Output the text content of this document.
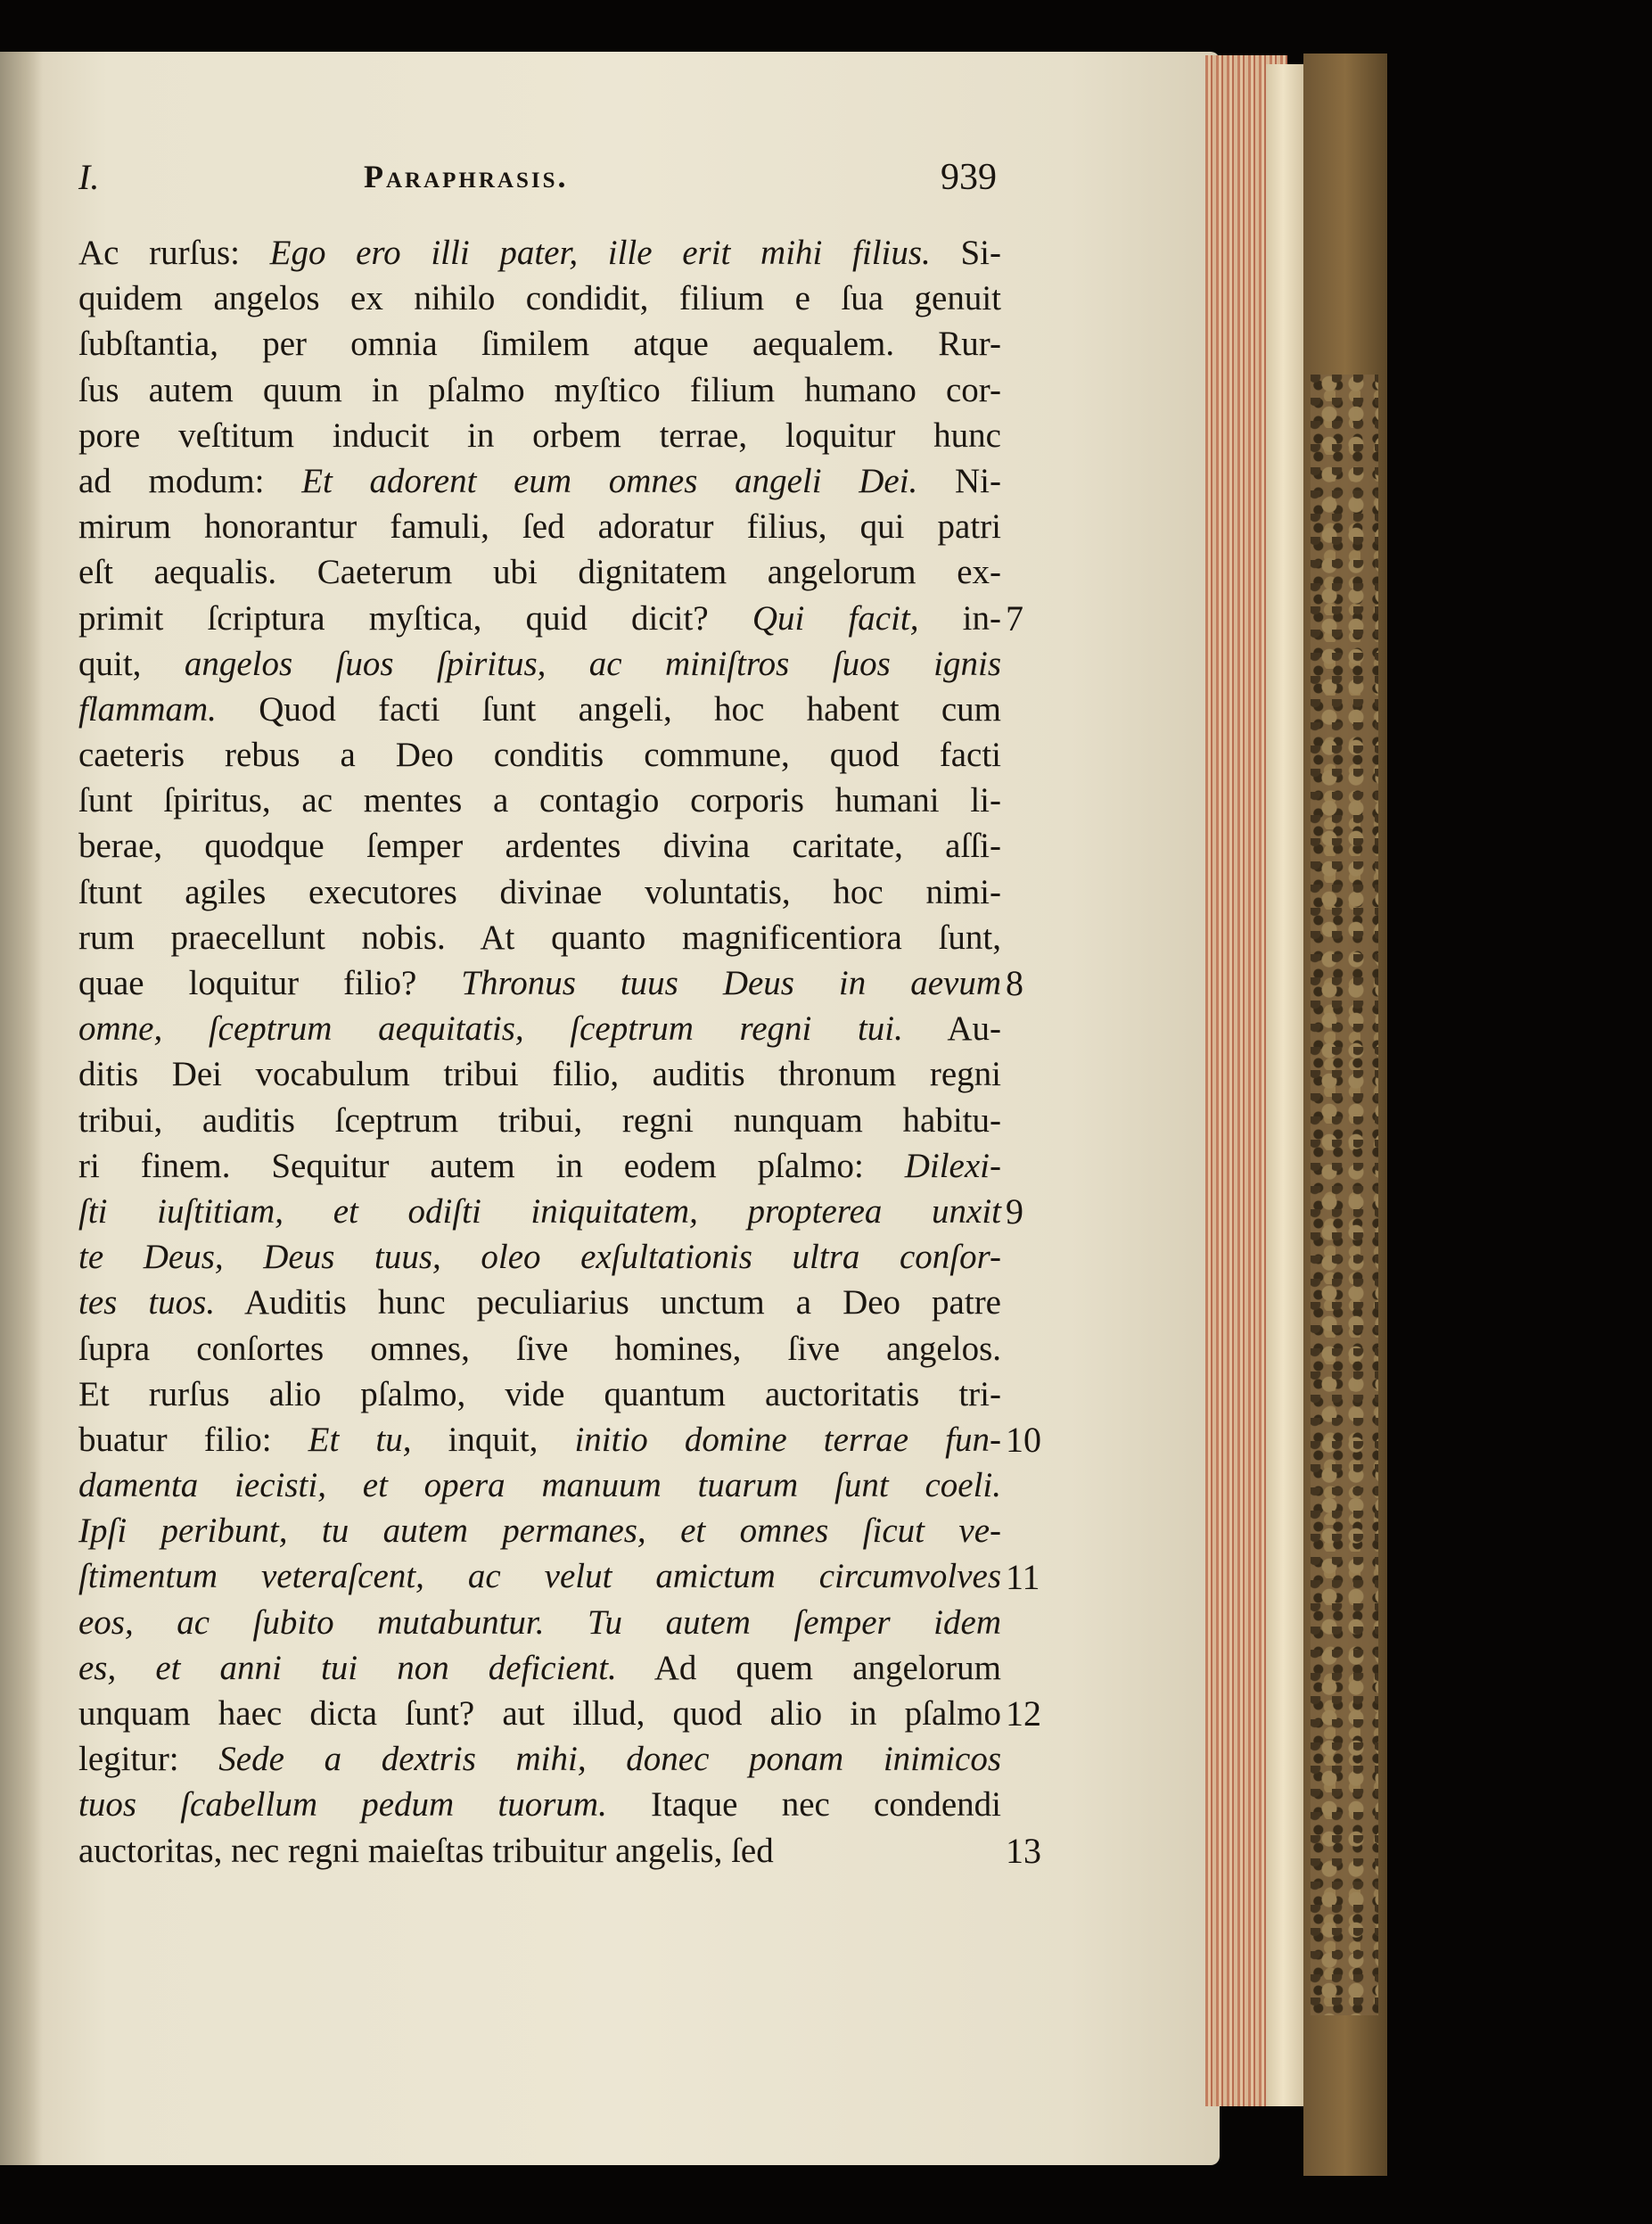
I.	Paraphrasis.	939
Ac rurſus: Ego ero illi pater, ille erit mihi filius. Si-
quidem angelos ex nihilo condidit, filium e ſua genuit
ſubſtantia, per omnia ſimilem atque aequalem. Rur-
ſus autem quum in pſalmo myſtico filium humano cor-
pore veſtitum inducit in orbem terrae, loquitur hunc
ad modum: Et adorent eum omnes angeli Dei. Ni-
mirum honorantur famuli, ſed adoratur filius, qui patri
eſt aequalis. Caeterum ubi dignitatem angelorum ex-
primit ſcriptura myſtica, quid dicit? Qui facit, in-
quit, angelos ſuos ſpiritus, ac miniſtros ſuos ignis
flammam. Quod facti ſunt angeli, hoc habent cum
caeteris rebus a Deo conditis commune, quod facti
ſunt ſpiritus, ac mentes a contagio corporis humani li-
berae, quodque ſemper ardentes divina caritate, aſſi-
ſtunt agiles executores divinae voluntatis, hoc nimi-
rum praecellunt nobis. At quanto magnificentiora ſunt,
quae loquitur filio? Thronus tuus Deus in aevum
omne, ſceptrum aequitatis, ſceptrum regni tui. Au-
ditis Dei vocabulum tribui filio, auditis thronum regni
tribui, auditis ſceptrum tribui, regni nunquam habitu-
ri finem. Sequitur autem in eodem pſalmo: Dilexi-
ſti iuſtitiam, et odiſti iniquitatem, propterea unxit
te Deus, Deus tuus, oleo exſultationis ultra conſor-
tes tuos. Auditis hunc peculiarius unctum a Deo patre
ſupra conſortes omnes, ſive homines, ſive angelos.
Et rurſus alio pſalmo, vide quantum auctoritatis tri-
buatur filio: Et tu, inquit, initio domine terrae fun-
damenta iecisti, et opera manuum tuarum ſunt coeli.
Ipſi peribunt, tu autem permanes, et omnes ſicut ve-
ſtimentum veteraſcent, ac velut amictum circumvolves
eos, ac ſubito mutabuntur. Tu autem ſemper idem
es, et anni tui non deficient. Ad quem angelorum
unquam haec dicta ſunt? aut illud, quod alio in pſalmo
legitur: Sede a dextris mihi, donec ponam inimicos
tuos ſcabellum pedum tuorum. Itaque nec condendi
auctoritas, nec regni maieſtas tribuitur angelis, ſed
7
8
9
10
11
12
13
